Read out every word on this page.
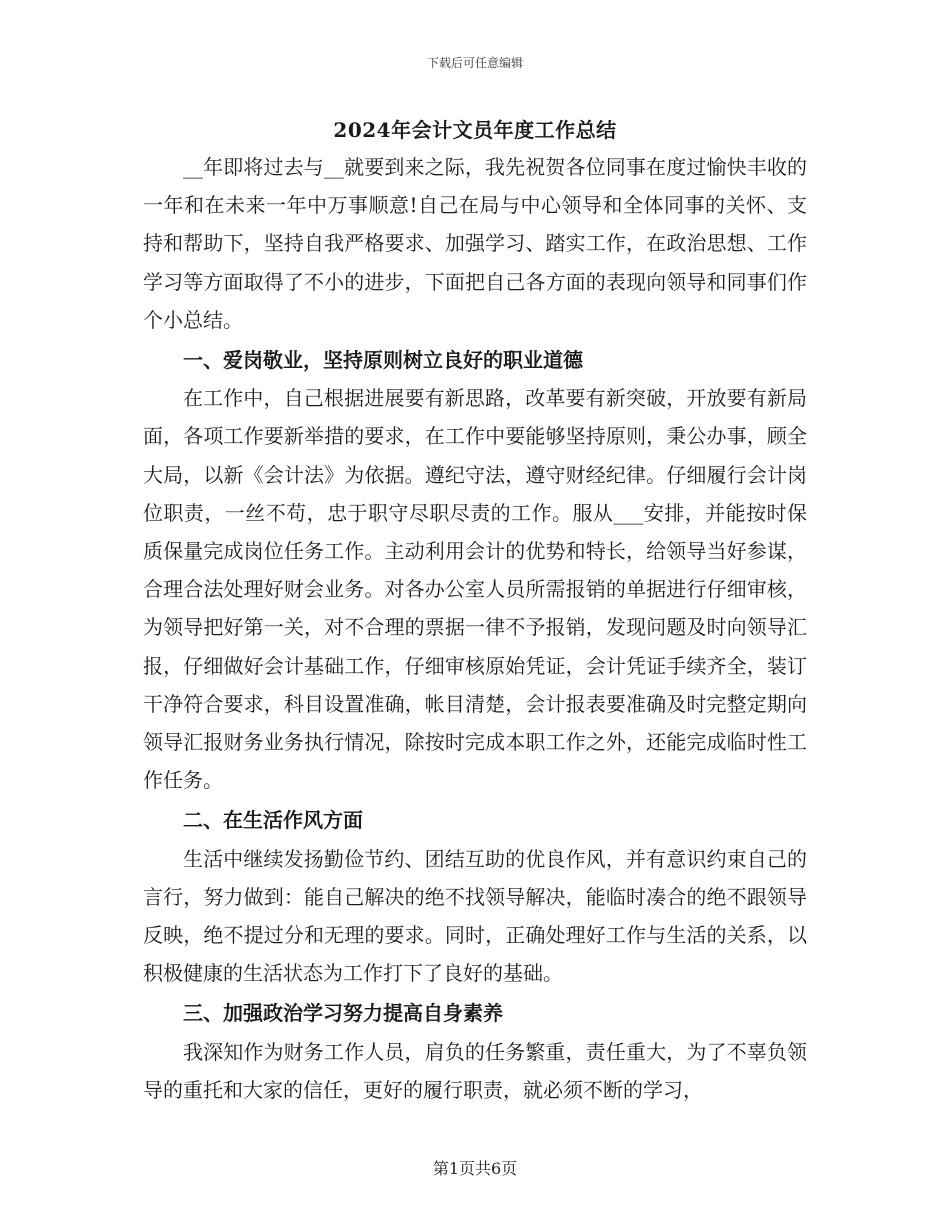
下载后可任意编辑
2024年会计文员年度工作总结

__年即将过去与__就要到来之际，我先祝贺各位同事在度过愉快丰收的一年和在未来一年中万事顺意!自己在局与中心领导和全体同事的关怀、支持和帮助下，坚持自我严格要求、加强学习、踏实工作，在政治思想、工作学习等方面取得了不小的进步，下面把自己各方面的表现向领导和同事们作个小总结。

一、爱岗敬业，坚持原则树立良好的职业道德

在工作中，自己根据进展要有新思路，改革要有新突破，开放要有新局面，各项工作要新举措的要求，在工作中要能够坚持原则，秉公办事，顾全大局，以新《会计法》为依据。遵纪守法，遵守财经纪律。仔细履行会计岗位职责，一丝不苟，忠于职守尽职尽责的工作。服从___安排，并能按时保质保量完成岗位任务工作。主动利用会计的优势和特长，给领导当好参谋，合理合法处理好财会业务。对各办公室人员所需报销的单据进行仔细审核，为领导把好第一关，对不合理的票据一律不予报销，发现问题及时向领导汇报，仔细做好会计基础工作，仔细审核原始凭证，会计凭证手续齐全，装订干净符合要求，科目设置准确，帐目清楚，会计报表要准确及时完整定期向领导汇报财务业务执行情况，除按时完成本职工作之外，还能完成临时性工作任务。

二、在生活作风方面

生活中继续发扬勤俭节约、团结互助的优良作风，并有意识约束自己的言行，努力做到：能自己解决的绝不找领导解决，能临时凑合的绝不跟领导反映，绝不提过分和无理的要求。同时，正确处理好工作与生活的关系，以积极健康的生活状态为工作打下了良好的基础。

三、加强政治学习努力提高自身素养

我深知作为财务工作人员，肩负的任务繁重，责任重大，为了不辜负领导的重托和大家的信任，更好的履行职责，就必须不断的学习，

第1页共6页
